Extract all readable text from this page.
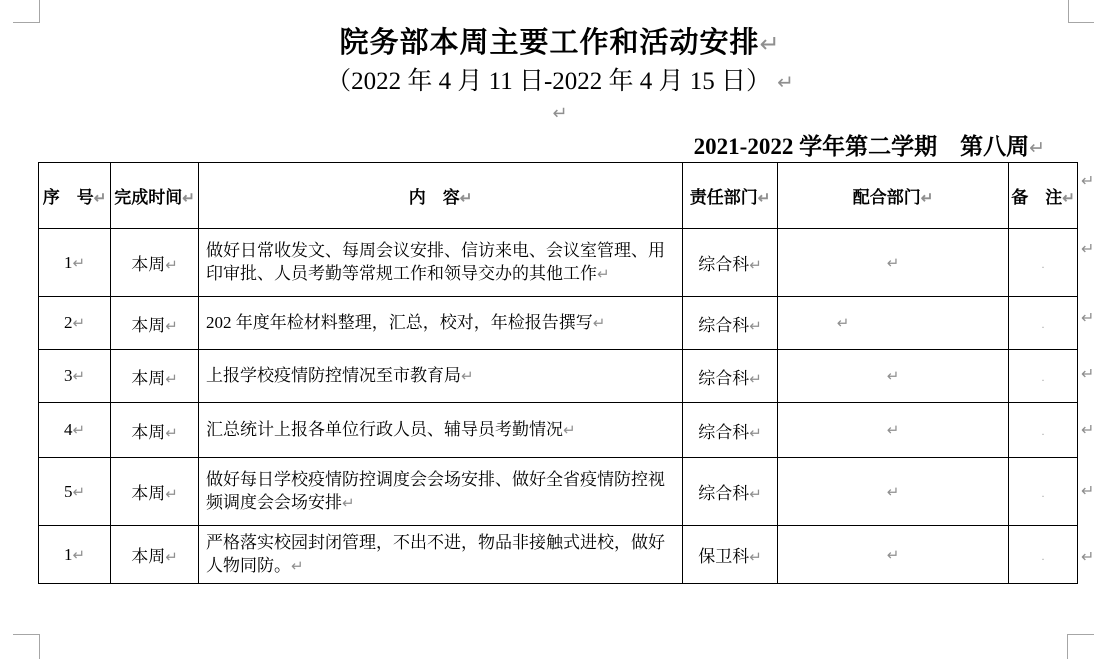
院务部本周主要工作和活动安排↵
（2022 年 4 月 11 日-2022 年 4 月 15 日） ↵
↵
2021-2022 学年第二学期　第八周↵
序　号↵	完成时间↵	内　容↵	责任部门↵	配合部门↵	备　注↵
1↵	本周↵	做好日常收发文、每周会议安排、信访来电、会议室管理、用印审批、人员考勤等常规工作和领导交办的其他工作↵	综合科↵	↵	.
2↵	本周↵	202 年度年检材料整理，汇总，校对，年检报告撰写↵	综合科↵	↵	.
3↵	本周↵	上报学校疫情防控情况至市教育局↵	综合科↵	↵	.
4↵	本周↵	汇总统计上报各单位行政人员、辅导员考勤情况↵	综合科↵	↵	.
5↵	本周↵	做好每日学校疫情防控调度会会场安排、做好全省疫情防控视频调度会会场安排↵	综合科↵	↵	.
1↵	本周↵	严格落实校园封闭管理，不出不进，物品非接触式进校，做好人物同防。↵	保卫科↵	↵	.
↵
↵
↵
↵
↵
↵
↵
